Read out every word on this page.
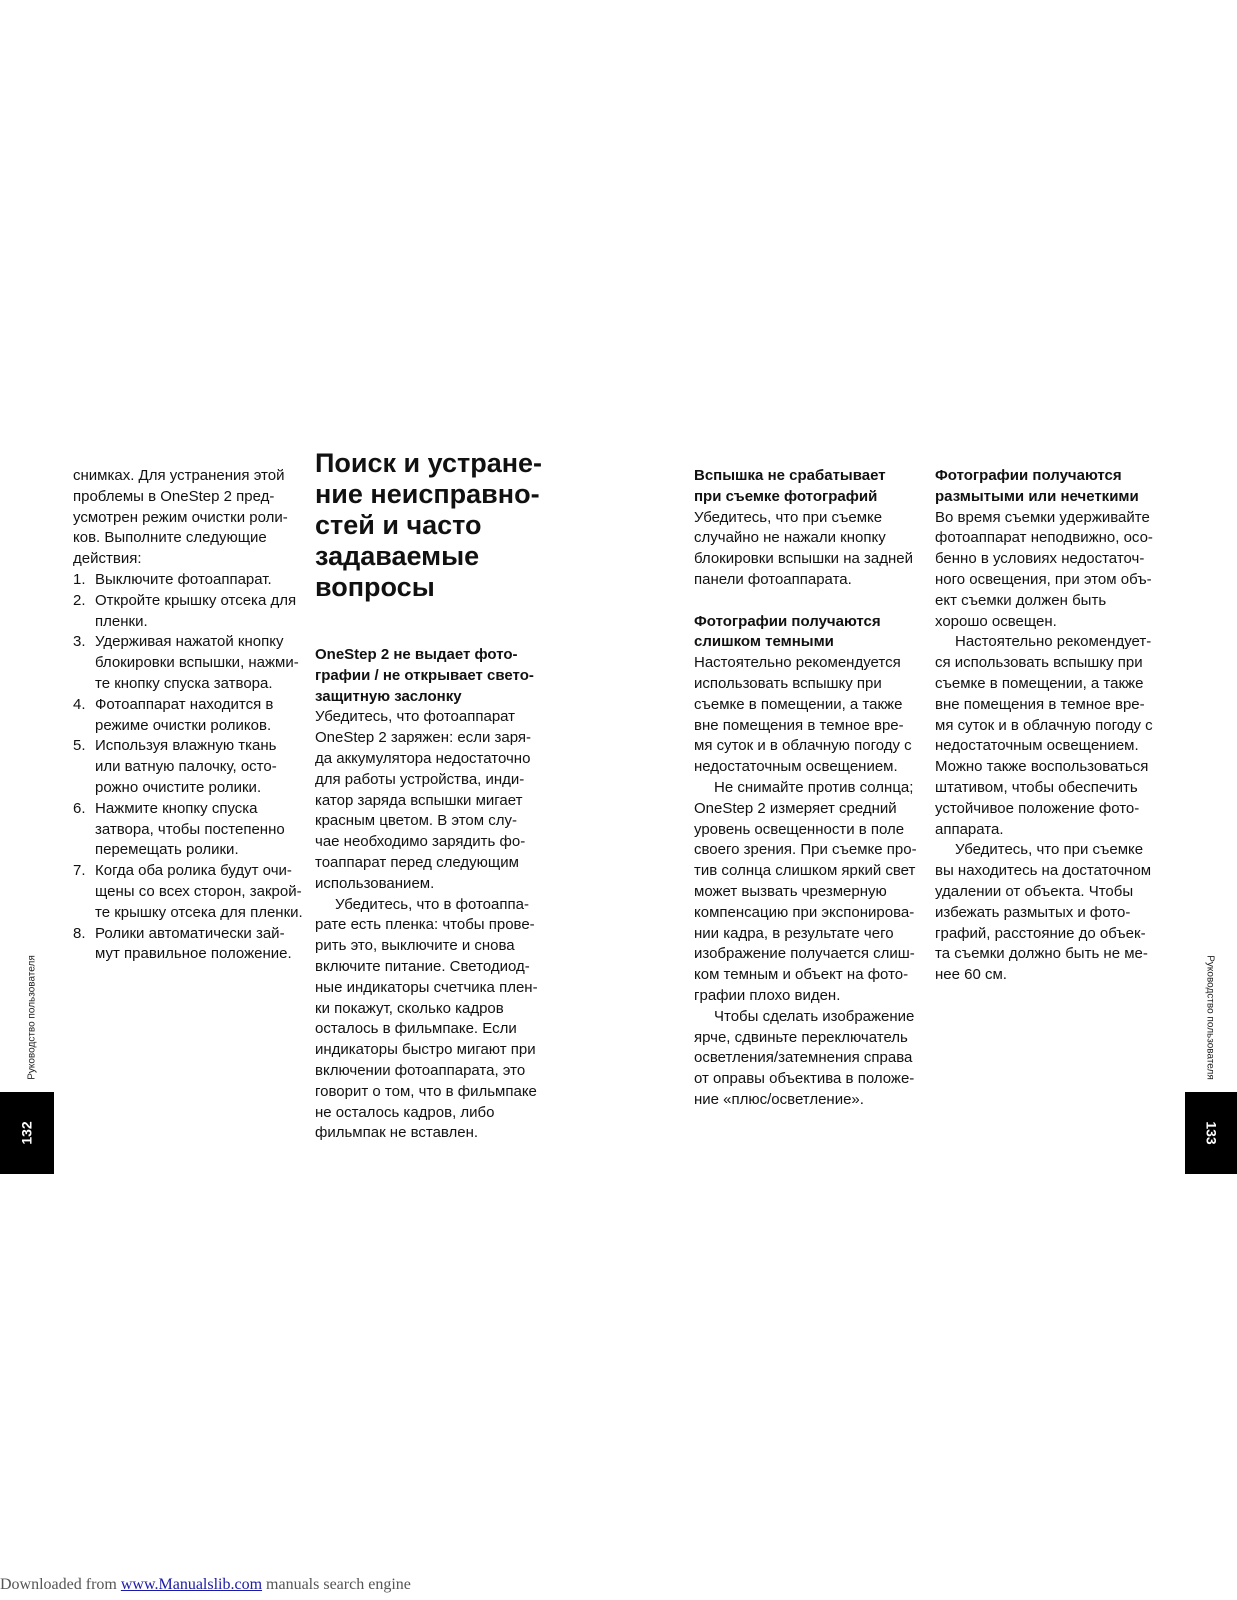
снимках. Для устранения этой
проблемы в OneStep 2 пред-
усмотрен режим очистки роли-
ков. Выполните следующие
действия:

1. Выключите фотоаппарат.
2. Откройте крышку отсека для
пленки.
3. Удерживая нажатой кнопку
блокировки вспышки, нажми-
те кнопку спуска затвора.
4. Фотоаппарат находится в
режиме очистки роликов.
5. Используя влажную ткань
или ватную палочку, осто-
рожно очистите ролики.
6. Нажмите кнопку спуска
затвора, чтобы постепенно
перемещать ролики.
7. Когда оба ролика будут очи-
щены со всех сторон, закрой-
те крышку отсека для пленки.
8. Ролики автоматически зай-
мут правильное положение.
Поиск и устране-
ние неисправно-
стей и часто
задаваемые
вопросы

OneStep 2 не выдает фото-
графии / не открывает свето-
защитную заслонку

Убедитесь, что фотоаппарат
OneStep 2 заряжен: если заря-
да аккумулятора недостаточно
для работы устройства, инди-
катор заряда вспышки мигает
красным цветом. В этом слу-
чае необходимо зарядить фо-
тоаппарат перед следующим
использованием.

Убедитесь, что в фотоаппа-
рате есть пленка: чтобы прове-
рить это, выключите и снова
включите питание. Светодиод-
ные индикаторы счетчика плен-
ки покажут, сколько кадров
осталось в фильмпаке. Если
индикаторы быстро мигают при
включении фотоаппарата, это
говорит о том, что в фильмпаке
не осталось кадров, либо
фильмпак не вставлен.

Вспышка не срабатывает
при съемке фотографий

Убедитесь, что при съемке
случайно не нажали кнопку
блокировки вспышки на задней
панели фотоаппарата.

Фотографии получаются
слишком темными

Настоятельно рекомендуется
использовать вспышку при
съемке в помещении, а также
вне помещения в темное вре-
мя суток и в облачную погоду с
недостаточным освещением.

Не снимайте против солнца;
OneStep 2 измеряет средний
уровень освещенности в поле
своего зрения. При съемке про-
тив солнца слишком яркий свет
может вызвать чрезмерную
компенсацию при экспонирова-
нии кадра, в результате чего
изображение получается слиш-
ком темным и объект на фото-
графии плохо виден.

Чтобы сделать изображение
ярче, сдвиньте переключатель
осветления/затемнения справа
от оправы объектива в положе-
ние «плюс/осветление».

Фотографии получаются
размытыми или нечеткими

Во время съемки удерживайте
фотоаппарат неподвижно, осо-
бенно в условиях недостаточ-
ного освещения, при этом объ-
ект съемки должен быть
хорошо освещен.

Настоятельно рекомендует-
ся использовать вспышку при
съемке в помещении, а также
вне помещения в темное вре-
мя суток и в облачную погоду с
недостаточным освещением.
Можно также воспользоваться
штативом, чтобы обеспечить
устойчивое положение фото-
аппарата.

Убедитесь, что при съемке
вы находитесь на достаточном
удалении от объекта. Чтобы
избежать размытых и фото-
графий, расстояние до объек-
та съемки должно быть не ме-
нее 60 см.

Руководство пользователя
132
Руководство пользователя
133
Downloaded from www.Manualslib.com manuals search engine
